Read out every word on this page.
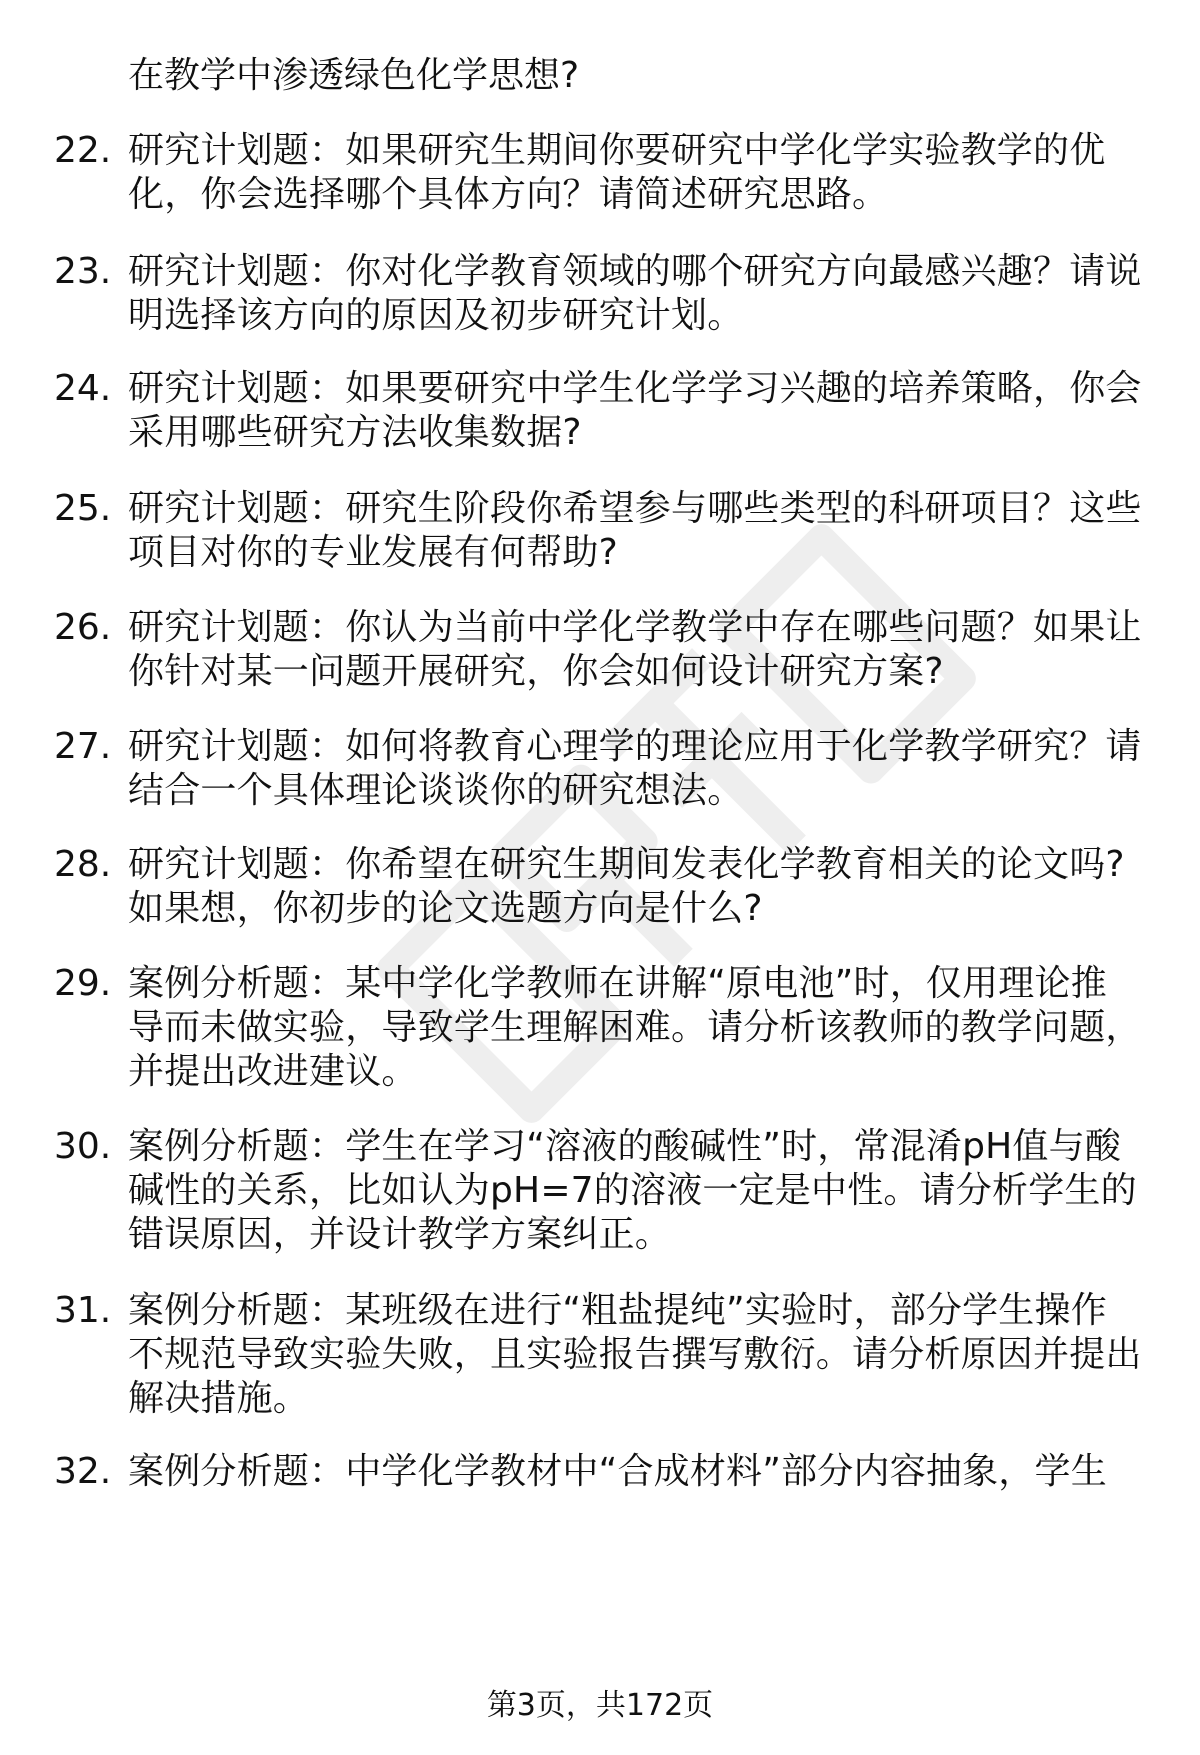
在教学中渗透绿色化学思想?
22. 研究计划题：如果研究生期间你要研究中学化学实验教学的优
化，你会选择哪个具体方向？请简述研究思路。
23. 研究计划题：你对化学教育领域的哪个研究方向最感兴趣？请说
明选择该方向的原因及初步研究计划。
24. 研究计划题：如果要研究中学生化学学习兴趣的培养策略，你会
采用哪些研究方法收集数据?
25. 研究计划题：研究生阶段你希望参与哪些类型的科研项目？这些
项目对你的专业发展有何帮助?
26. 研究计划题：你认为当前中学化学教学中存在哪些问题？如果让
你针对某一问题开展研究，你会如何设计研究方案?
27. 研究计划题：如何将教育心理学的理论应用于化学教学研究？请
结合一个具体理论谈谈你的研究想法。
28. 研究计划题：你希望在研究生期间发表化学教育相关的论文吗?
如果想，你初步的论文选题方向是什么?
29. 案例分析题：某中学化学教师在讲解“原电池”时，仅用理论推
导而未做实验，导致学生理解困难。请分析该教师的教学问题，
并提出改进建议。
30. 案例分析题：学生在学习“溶液的酸碱性”时，常混淆pH值与酸
碱性的关系，比如认为pH=7的溶液一定是中性。请分析学生的
错误原因，并设计教学方案纠正。
31. 案例分析题：某班级在进行“粗盐提纯”实验时，部分学生操作
不规范导致实验失败，且实验报告撰写敷衍。请分析原因并提出
解决措施。
32. 案例分析题：中学化学教材中“合成材料”部分内容抽象，学生
第3页，共172页
